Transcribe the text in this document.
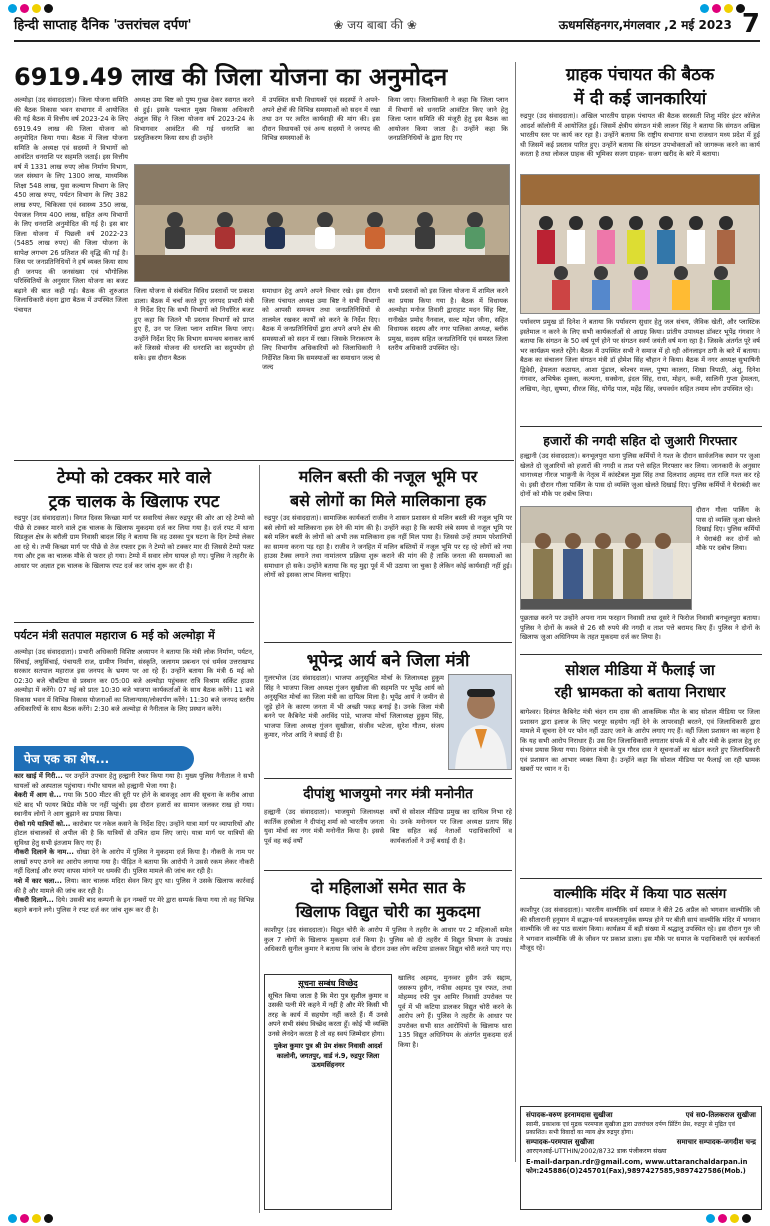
हिन्दी साप्ताह दैनिक 'उत्तरांचल दर्पण'	❀ जय बाबा की ❀	ऊधमसिंहनगर,मंगलवार ,2 मई 2023 7
6919.49 लाख की जिला योजना का अनुमोदन
अल्मोड़ा (उद संवाददाता)। जिला योजना समिति की बैठक विकास भवन सभागार में आयोजित की गई बैठक में वित्तीय वर्ष 2023-24 के लिए 6919.49 लाख की जिला योजना को अनुमोदित किया गया। बैठक में जिला योजना समिति के अध्यक्ष एवं सदस्यों ने विभागों को आवंटित धनराशि पर सहमति जताई। इस वित्तीय वर्ष में 1331 लाख रुपए लोक निर्माण विभाग, जल संस्थान के लिए 1300 लाख, माध्यमिक शिक्षा 548 लाख, युवा कल्याण विभाग के लिए 450 लाख रुपए, पर्यटन विभाग के लिए 382 लाख रुपए, चिकित्सा एवं स्वास्थ्य 350 लाख, पेयजल निगम 400 लाख, सहित अन्य विभागों के लिए धनराशि अनुमोदित की गई है। इस बार जिला योजना में पिछली वर्ष 2022-23 (5485 लाख रुपए) की जिला योजना के सापेक्ष लगभग 26 प्रतिशत की वृद्धि की गई है। जिस पर जनप्रतिनिधियों ने हर्ष व्यक्त किया साथ ही जनपद की जनसंख्या एवं भौगोलिक परिस्थितियों के अनुसार जिला योजना का बजट बढ़ाने की बात कही गई। बैठक की शुरुआत जिलाधिकारी वंदना द्वारा बैठक में उपस्थित जिला पंचायत
अध्यक्ष उमा बिष्ट को पुष्प गुच्छ देकर स्वागत करने से हुई। इसके पश्चात मुख्य विकास अधिकारी अंशुल सिंह ने जिला योजना वर्ष 2023-24 के विभागवार आवंटित की गई धनराशि का प्रस्तुतिकरण किया साथ ही उन्होंने
में उपस्थित सभी विधायकों एवं सदस्यों ने अपने-अपने क्षेत्रों की विभिन्न समस्याओं को सदन में रखा तथा उन पर त्वरित कार्यवाही की मांग की। इस दौरान विधायकों एवं अन्य सदस्यों ने जनपद की विभिन्न समस्याओं के
किया जाए। जिलाधिकारी ने कहा कि जिला प्लान में विभागों को धनराशि आवंटित किए जाने हेतु जिला प्लान समिति की मंजूरी हेतु इस बैठक का आयोजन किया जाता है। उन्होंने कहा कि जनप्रतिनिधियों के द्वारा दिए गए
जिला योजना से संबंधित विविध प्रस्तावों पर प्रकाश डाला। बैठक में चर्चा करते हुए जनपद प्रभारी मंत्री ने निर्देश दिए कि सभी विभागों को निर्धारित बजट हुए कहा कि जितने भी प्रस्ताव विभागों को प्राप्त हुए हैं, उन पर जिला प्लान शामिल किया जाए। उन्होंने निर्देश दिए कि विभाग समन्वय बनाकर कार्य करें जिससे योजना की धनराशि का सदुपयोग हो सके। इस दौरान बैठक
समाधान हेतु अपने अपने विचार रखे। इस दौरान जिला पंचायत अध्यक्ष उमा बिष्ट ने सभी विभागों को आपसी समन्वय तथा जनप्रतिनिधियों से तालमेल रखकर कार्यों को करने के निर्देश दिए। बैठक में जनप्रतिनिधियों द्वारा अपने अपने क्षेत्र की समस्याओं को सदन में रखा। जिसके निराकरण के लिए विभागीय अधिकारियों को जिलाधिकारी ने निर्देशित किया कि समस्याओं का समाधान जल्द से जल्द
सभी प्रस्तावों को इस जिला योजना में शामिल करने का प्रयास किया गया है। बैठक में विधायक अल्मोड़ा मनोज तिवारी द्वाराहाट मदन सिंह बिष्ट, रानीखेत प्रमोद नैनवाल, सल्ट महेश जीना, सहित विधायक सदस्य और नगर पालिका अध्यक्ष, ब्लॉक प्रमुख, सदस्य सहित जनप्रतिनिधि एवं समस्त जिला स्तरीय अधिकारी उपस्थित रहे।
ग्राहक पंचायत की बैठक
में दी कई जानकारियां
रुद्रपुर (उद संवाददाता)। अखिल भारतीय ग्राहक पंचायत की बैठक सरस्वती शिशु मंदिर इंटर कॉलेज आदर्श कॉलोनी में आयोजित हुई। जिसमें क्षेत्रीय संगठन मंत्री लालन सिंह ने बताया कि संगठन अखिल भारतीय स्तर पर कार्य कर रहा है। उन्होंने बताया कि राष्ट्रीय सभागार सभा राजधान मध्य प्रदेश में हुई थी जिसमें कई प्रस्ताव पारित हुए। उन्होंने बताया कि संगठन उपभोक्ताओं को जागरूक करने का कार्य करता है तथा लोकल ग्राहक की भूमिका सजग ग्राहक- सजग खरीद के बारे में बताया।
पर्यावरण प्रमुख डॉ दिनेश ने बताया कि पर्यावरण सुधार हेतु जल संचय, जैविक खेती, और प्लास्टिक इस्तेमाल न करने के लिए सभी कार्यकर्ताओं से आग्रह किया। प्रांतीय उपाध्यक्ष डॉक्टर भूपेंद्र गंगवार ने बताया कि संगठन के 50 वर्ष पूर्ण होने पर संगठन स्वर्ण जयंती वर्ष मना रहा है। जिसके अंतर्गत पूरे वर्ष भर कार्यक्रम चलते रहेंगे। बैठक में उपस्थित सभी ने समाज में हो रही ऑनलाइन ठगी के बारे में बताया। बैठक का संचालन जिला संगठन मंत्री डॉ होमेश सिंह चौहान ने किया। बैठक में नगर अध्यक्ष सुभाषिनी द्विवेदी, हेमलता कठायत, आशा पुंडाल, बरेश्चर मल्ल, पुष्पा कालरा, शिखा त्रिपाठी, अंशु, दिनेश गंगवार, अभिषेक शुक्ला, कल्पना, सक्सेना, इंदल सिंह, राधा, मोहन, रूवी, सालिनी गुप्ता हेमलता, लखिया, नेहा, सुषमा, धीरज सिंह, योगेंद्र पाल, महेंद्र सिंह, जयवर्धन सहित तमाम लोग उपस्थित रहे।
टेम्पो को टक्कर मारे वाले
ट्रक चालक के खिलाफ रपट
रुद्रपुर (उद संवाददाता)। विगत दिवस किच्छा मार्ग पर सवारियां लेकर रुद्रपुर की ओर आ रहे टेम्पो को पीछे से टक्कर मारने वाले ट्रक चालक के खिलाफ मुकदमा दर्ज कर लिया गया है। दर्ज रपट में थाना सिडकुल क्षेत्र के बरौली ग्राम निवासी बादल सिंह ने बताया कि वह उसका पुत्र घटना के दिन टेम्पो लेकर आ रहे थे। तभी किच्छा मार्ग पर पीछे से तेज रफ्तार ट्रक ने टेम्पो को टक्कर मार दी जिससे टेम्पो पलट गया और ट्रक का चालक मौके से फरार हो गया। टेम्पो में सवार लोग घायल हो गए। पुलिस ने तहरीर के आधार पर अज्ञात ट्रक चालक के खिलाफ रपट दर्ज कर जांच शुरू कर दी है।
पर्यटन मंत्री सतपाल महाराज 6 मई को अल्मोड़ा में
अल्मोड़ा (उद संवाददाता)। प्रभारी अधिकारी विशिष्ट अध्यापन ने बताया कि मंत्री लोक निर्माण, पर्यटन, सिंचाई, लघुसिंचाई, पंचायती राज, ग्रामीण निर्माण, संस्कृति, जलागम प्रबन्धन एवं धर्मस्व उत्तराखण्ड सरकार सतपाल महाराज इस जनपद के भ्रमण पर आ रहे हैं। उन्होंने बताया कि मंत्री 6 मई को 02:30 बजे चौबटिया से प्रस्थान कर 05:00 बजे अल्मोड़ा पहुंचकर रात्रि विश्राम सर्किट हाउस अल्मोड़ा में करेंगे। 07 मई को प्रातः 10:30 बजे भाजपा कार्यकर्ताओं के साथ बैठक करेंगे। 11 बजे विकास भवन में विभिन्न विकास योजनाओं का शिलान्यास/लोकार्पण करेंगे। 11:30 बजे जनपद स्तरीय अधिकारियों के साथ बैठक करेंगे। 2:30 बजे अल्मोड़ा से नैनीताल के लिए प्रस्थान करेंगे।
पेज एक का शेष...

कार खाई में गिरी... पर उन्होंने उपचार हेतु हल्द्वानी रेफर किया गया है। मुख्य पुलिस नैनीताल ने सभी घायलों को अस्पताल पहुंचाया। गंभीर घायल को हल्द्वानी भेजा गया है।

बेकरी में आग से... गया कि 500 मीटर की दूरी पर होने के बावजूद आग की सूचना के करीब आधा घंटे बाद भी फायर बिग्रेड मौके पर नहीं पहुंची। इस दौरान हजारों का सामान जलकर राख हो गया। स्थानीय लोगों ने आग बुझाने का प्रयास किया।

रोको गये यात्रियों को... कारोबार पर नकेल कसने के निर्देश दिए। उन्होंने यात्रा मार्ग पर व्यापारियों और होटल संचालकों से अपील की है कि यात्रियों से उचित दाम लिए जाएं। यात्रा मार्ग पर यात्रियों की सुविधा हेतु सभी इंतजाम किए गए हैं।

नौकरी दिलाने के नाम... धोखा देने के आरोप में पुलिस ने मुकदमा दर्ज किया है। नौकरी के नाम पर लाखों रुपए ठगने का आरोप लगाया गया है। पीड़ित ने बताया कि आरोपी ने उससे रकम लेकर नौकरी नहीं दिलाई और रुपए वापस मांगने पर धमकी दी। पुलिस मामले की जांच कर रही है।

नशे में कार चला... लिया। कार चालक मदिरा सेवन किए हुए था। पुलिस ने उसके खिलाफ कार्रवाई की है और मामले की जांच कर रही है।

नौकरी दिलाने... दिये। उसकी बाद कम्पनी के इन नम्बरों पर मेरे द्वारा सम्पर्क किया गया तो वह विभिन्न बहाने बनाने लगे। पुलिस ने रपट दर्ज कर जांच शुरू कर दी है।

मलिन बस्ती की नजूल भूमि पर
बसे लोगों का मिले मालिकाना हक
रुद्रपुर (उद संवाददाता)। सामाजिक कार्यकर्ता राजीव ने शासन प्रशासन से मलिन बस्ती की नजूल भूमि पर बसे लोगों को मालिकाना हक देने की मांग की है। उन्होंने कहा है कि काफी लंबे समय से नजूल भूमि पर बसे मलिन बस्ती के लोगों को अभी तक मालिकाना हक नहीं मिल पाया है। जिससे उन्हें तमाम परेशानियों का सामना करना पड़ रहा है। राजीव ने जनहित में मलिन बस्तियों में नजूल भूमि पर रह रहे लोगों को नया हाउस टैक्स लगाने तथा नामांतरण प्रक्रिया शुरू कराने की मांग की है ताकि जनता की समस्याओं का समाधान हो सके। उन्होंने बताया कि यह मुद्दा पूर्व में भी उठाया जा चुका है लेकिन कोई कार्यवाही नहीं हुई। लोगों को इसका लाभ मिलना चाहिए।
भूपेन्द्र आर्य बने जिला मंत्री
गूलरभोज (उद संवाददाता)। भाजपा अनुसूचित मोर्चा के जिलाध्यक्ष हुकुम सिंह ने भाजपा जिला अध्यक्ष गुंजन सुखीजा की सहमति पर भूपेंद्र आर्य को अनुसूचित मोर्चा का जिला मंत्री का दायित्व मिला है। भूपेंद्र आर्य ने जमीन से जुड़े होने के कारण जनता में भी अच्छी पकड़ बनाई है। उनके जिला मंत्री बनने पर कैबिनेट मंत्री अरविंद पांडे, भाजपा मोर्चा जिलाध्यक्ष हुकुम सिंह, भाजपा जिला अध्यक्ष गुंजन सुखीजा, संजीव भटेजा, सुरेश गौतम, संजय कुमार, नरेश आदि ने बधाई दी है।
दीपांशु भाजयुमो नगर मंत्री मनोनीत
हल्द्वानी (उद संवाददाता)। भाजयुमो जिलाध्यक्ष कार्तिक हरबोला ने दीपांशु शर्मा को भारतीय जनता युवा मोर्चा का नगर मंत्री मनोनीत किया है। इससे पूर्व वह कई वर्षों
वर्षों से सोशल मीडिया प्रमुख का दायित्व निभा रहे थे। उनके मनोनयन पर जिला अध्यक्ष प्रताप सिंह बिष्ट सहित कई नेताओं पदाधिकारियों व कार्यकर्ताओं ने उन्हें बधाई दी है।
दो महिलाओं समेत सात के
खिलाफ विद्युत चोरी का मुकदमा
काशीपुर (उद संवाददाता)। विद्युत चोरी के आरोप में पुलिस ने तहरीर के आधार पर 2 महिलाओं समेत कुल 7 लोगों के खिलाफ मुकदमा दर्ज किया है। पुलिस को दी तहरीर में विद्युत विभाग के उपखंड अधिकारी सुनील कुमार ने बताया कि जांच के दौरान उक्त लोग कटिया डालकर विद्युत चोरी करते पाए गए।
सूचना सम्बंध विच्छेद
सूचित किया जाता है कि मेरा पुत्र सुशील कुमार व उसकी पत्नी मेरे कहने में नहीं है और मेरे किसी भी तरह के कार्य में सहयोग नहीं करते हैं। मैं उनसे अपने सभी संबंध विच्छेद करता हूँ। कोई भी व्यक्ति उनसे लेनदेन करता है तो वह स्वयं जिम्मेदार होगा।
मुकेश कुमार पुत्र श्री प्रेम शंकर निवासी आदर्श कालोनी, जगतपुर, वार्ड नं.9, रुद्रपुर जिला ऊधमसिंहनगर
खालिद अहमद, मुनव्वर हुसैन उर्फ सद्दाम, जसरूप हुसैन, नफीस अहमद पुत्र रफत, तथा मोहम्मद रफी पुत्र आमिर निवासी उपरोक्त पर पूर्व में भी कटिया डालकर विद्युत चोरी करने के आरोप लगे हैं। पुलिस ने तहरीर के आधार पर उपरोक्त सभी सात आरोपियों के खिलाफ धारा 135 विद्युत अधिनियम के अंतर्गत मुकदमा दर्ज किया है।
हजारों की नगदी सहित दो जुआरी गिरफ्तार
हल्द्वानी (उद संवाददाता)। बनभूलपुरा थाना पुलिस कर्मियों ने गश्त के दौरान सार्वजनिक स्थान पर जुआ खेलते दो जुआरियों को हजारों की नगदी व ताश पत्ते सहित गिरफ्तार कर लिया। जानकारी के अनुसार थानाध्यक्ष नीरज भाकुनी के नेतृत्व में कांस्टेबल मुन्ना सिंह तथा दिलशाद अहमद रात राजि गश्त कर रहे थे। इसी दौरान गौला पार्किंग के पास दो व्यक्ति जुआ खेलते दिखाई दिए। पुलिस कर्मियों ने घेराबंदी कर दोनों को मौके पर दबोच लिया।
दौरान गौला पार्किंग के पास दो व्यक्ति जुआ खेलते दिखाई दिए। पुलिस कर्मियों ने घेराबंदी कर दोनों को मौके पर दबोच लिया।
पूछताछ करने पर उन्होंने अपना नाम फरहान निवासी तथा दूसरे ने फिरोज निवासी बनभूलपुरा बताया। पुलिस ने दोनों के कब्जे से 26 सौ रुपये की नगदी व ताश पत्ते बरामद किए हैं। पुलिस ने दोनों के खिलाफ जुआ अधिनियम के तहत मुकदमा दर्ज कर लिया है।
सोशल मीडिया में फैलाई जा
रही भ्रामकता को बताया निराधार
बागेश्वर। दिवंगत कैबिनेट मंत्री चंदन राम दास की आकस्मिक मौत के बाद सोशल मीडिया पर जिला प्रशासन द्वारा इलाज के लिए भरपूर सहयोग नहीं देने के लापरवाही बरतने, एवं जिलाधिकारी द्वारा मामले में सूचना देने पर फोन नहीं उठाए जाने के आरोप लगाए गए हैं। वहीं जिला प्रशासन का कहना है कि यह सभी आरोप निराधार हैं। उस दिन जिलाधिकारी लगातार संपर्क में थे और मंत्री के इलाज हेतु हर संभव प्रयास किया गया। दिवंगत मंत्री के पुत्र गौरव दास ने सूचनाओं का खंडन करते हुए जिलाधिकारी एवं प्रशासन का आभार व्यक्त किया है। उन्होंने कहा कि सोशल मीडिया पर फैलाई जा रही भ्रामक खबरों पर ध्यान न दें।
वाल्मीकि मंदिर में किया पाठ सत्संग
काशीपुर (उद संवाददाता)। भारतीय वाल्मीकि धर्म समाज ने बीते 26 अप्रैल को भगवान वाल्मीकि जी की सीतारानी हनुमान में सद्भाव-पर्व सफलतापूर्वक सम्पन्न होने पर बीती सायं वाल्मीकि मंदिर में भगवान वाल्मीकि जी का पाठ सत्संग किया। कार्यक्रम में बड़ी संख्या में श्रद्धालु उपस्थित रहे। इस दौरान गुरु जी ने भगवान वाल्मीकि जी के जीवन पर प्रकाश डाला। इस मौके पर समाज के पदाधिकारी एवं कार्यकर्ता मौजूद रहे।
संपादक-वरुण हरनामदास सुखीजा	एवं स0-तिलकराज सुखीजा
स्वामी, प्रकाशक एवं मुद्रक परमपाल सुखीजा द्वारा उत्तरांचल दर्पण प्रिंटिंग प्रेस, रुद्रपुर से मुद्रित एवं प्रकाशित। सभी विवादों का न्याय क्षेत्र रुद्रपुर होगा।
सम्पादक-परमपाल सुखीजा	समाचार सम्पादक-जगदीश चन्द्र
आरएनआई-UTTHIN/2002/8732 डाक पंजीकरण संख्या
E-mail-darpan.rdr@gmail.com, www.uttaranchaldarpan.in
फोन:245886(O)245701(Fax),9897427585,9897427586(Mob.)
